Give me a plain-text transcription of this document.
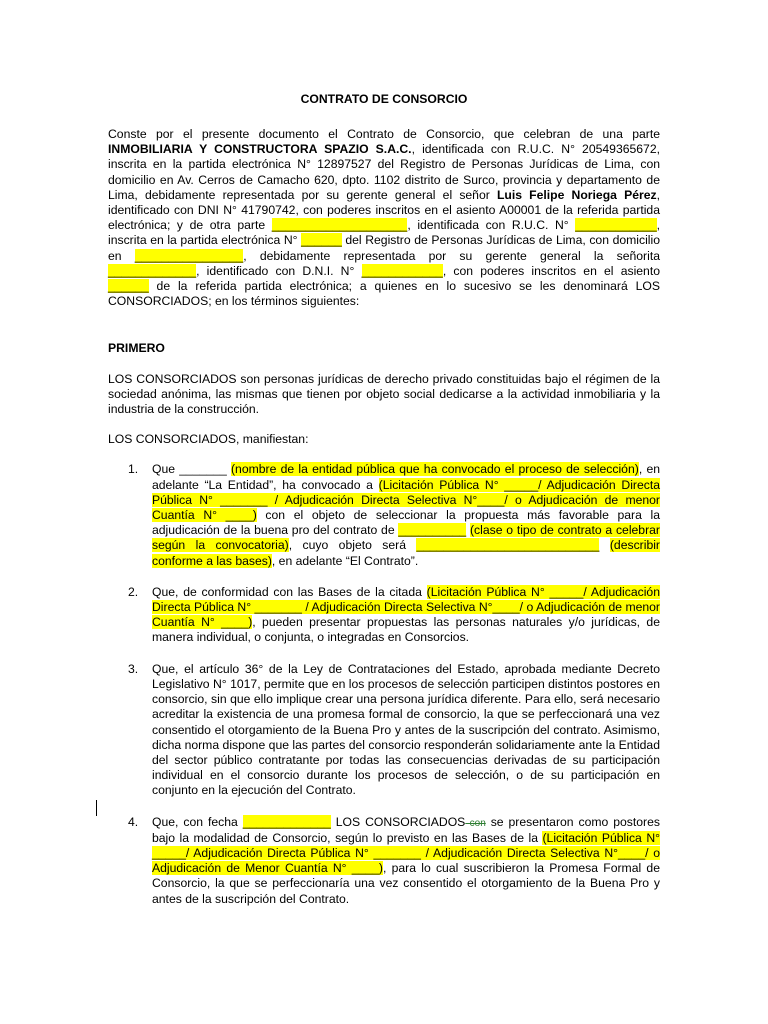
CONTRATO DE CONSORCIO

Conste por el presente documento el Contrato de Consorcio, que celebran de una parte INMOBILIARIA Y CONSTRUCTORA SPAZIO S.A.C., identificada con R.U.C. N° 20549365672, inscrita en la partida electrónica N° 12897527 del Registro de Personas Jurídicas de Lima, con domicilio en Av. Cerros de Camacho 620, dpto. 1102 distrito de Surco, provincia y departamento de Lima, debidamente representada por su gerente general el señor Luis Felipe Noriega Pérez, identificado con DNI N° 41790742, con poderes inscritos en el asiento A00001 de la referida partida electrónica; y de otra parte ____________________, identificada con R.U.C. N° ____________, inscrita en la partida electrónica N° ______ del Registro de Personas Jurídicas de Lima, con domicilio en ________________, debidamente representada por su gerente general la señorita _____________, identificado con D.N.I. N° ____________, con poderes inscritos en el asiento ______ de la referida partida electrónica; a quienes en lo sucesivo se les denominará LOS CONSORCIADOS; en los términos siguientes:

PRIMERO

LOS CONSORCIADOS son personas jurídicas de derecho privado constituidas bajo el régimen de la sociedad anónima, las mismas que tienen por objeto social dedicarse a la actividad inmobiliaria y la industria de la construcción.

LOS CONSORCIADOS, manifiestan:

1. Que _______ (nombre de la entidad pública que ha convocado el proceso de selección), en adelante “La Entidad”, ha convocado a (Licitación Pública N° _____/ Adjudicación Directa Pública N° _______ / Adjudicación Directa Selectiva N°____/ o Adjudicación de menor Cuantía N° ____) con el objeto de seleccionar la propuesta más favorable para la adjudicación de la buena pro del contrato de __________ (clase o tipo de contrato a celebrar según la convocatoria), cuyo objeto será ___________________________ (describir conforme a las bases), en adelante “El Contrato”.
2. Que, de conformidad con las Bases de la citada (Licitación Pública N° _____/ Adjudicación Directa Pública N° _______ / Adjudicación Directa Selectiva N°____/ o Adjudicación de menor Cuantía N° ____), pueden presentar propuestas las personas naturales y/o jurídicas, de manera individual, o conjunta, o integradas en Consorcios.
3. Que, el artículo 36° de la Ley de Contrataciones del Estado, aprobada mediante Decreto Legislativo N° 1017, permite que en los procesos de selección participen distintos postores en consorcio, sin que ello implique crear una persona jurídica diferente. Para ello, será necesario acreditar la existencia de una promesa formal de consorcio, la que se perfeccionará una vez consentido el otorgamiento de la Buena Pro y antes de la suscripción del contrato. Asimismo, dicha norma dispone que las partes del consorcio responderán solidariamente ante la Entidad del sector público contratante por todas las consecuencias derivadas de su participación individual en el consorcio durante los procesos de selección, o de su participación en conjunto en la ejecución del Contrato.
4. Que, con fecha _____________ LOS CONSORCIADOS con se presentaron como postores bajo la modalidad de Consorcio, según lo previsto en las Bases de la (Licitación Pública N° _____/ Adjudicación Directa Pública N° _______ / Adjudicación Directa Selectiva N°____/ o Adjudicación de Menor Cuantía N° ____), para lo cual suscribieron la Promesa Formal de Consorcio, la que se perfeccionaría una vez consentido el otorgamiento de la Buena Pro y antes de la suscripción del Contrato.
